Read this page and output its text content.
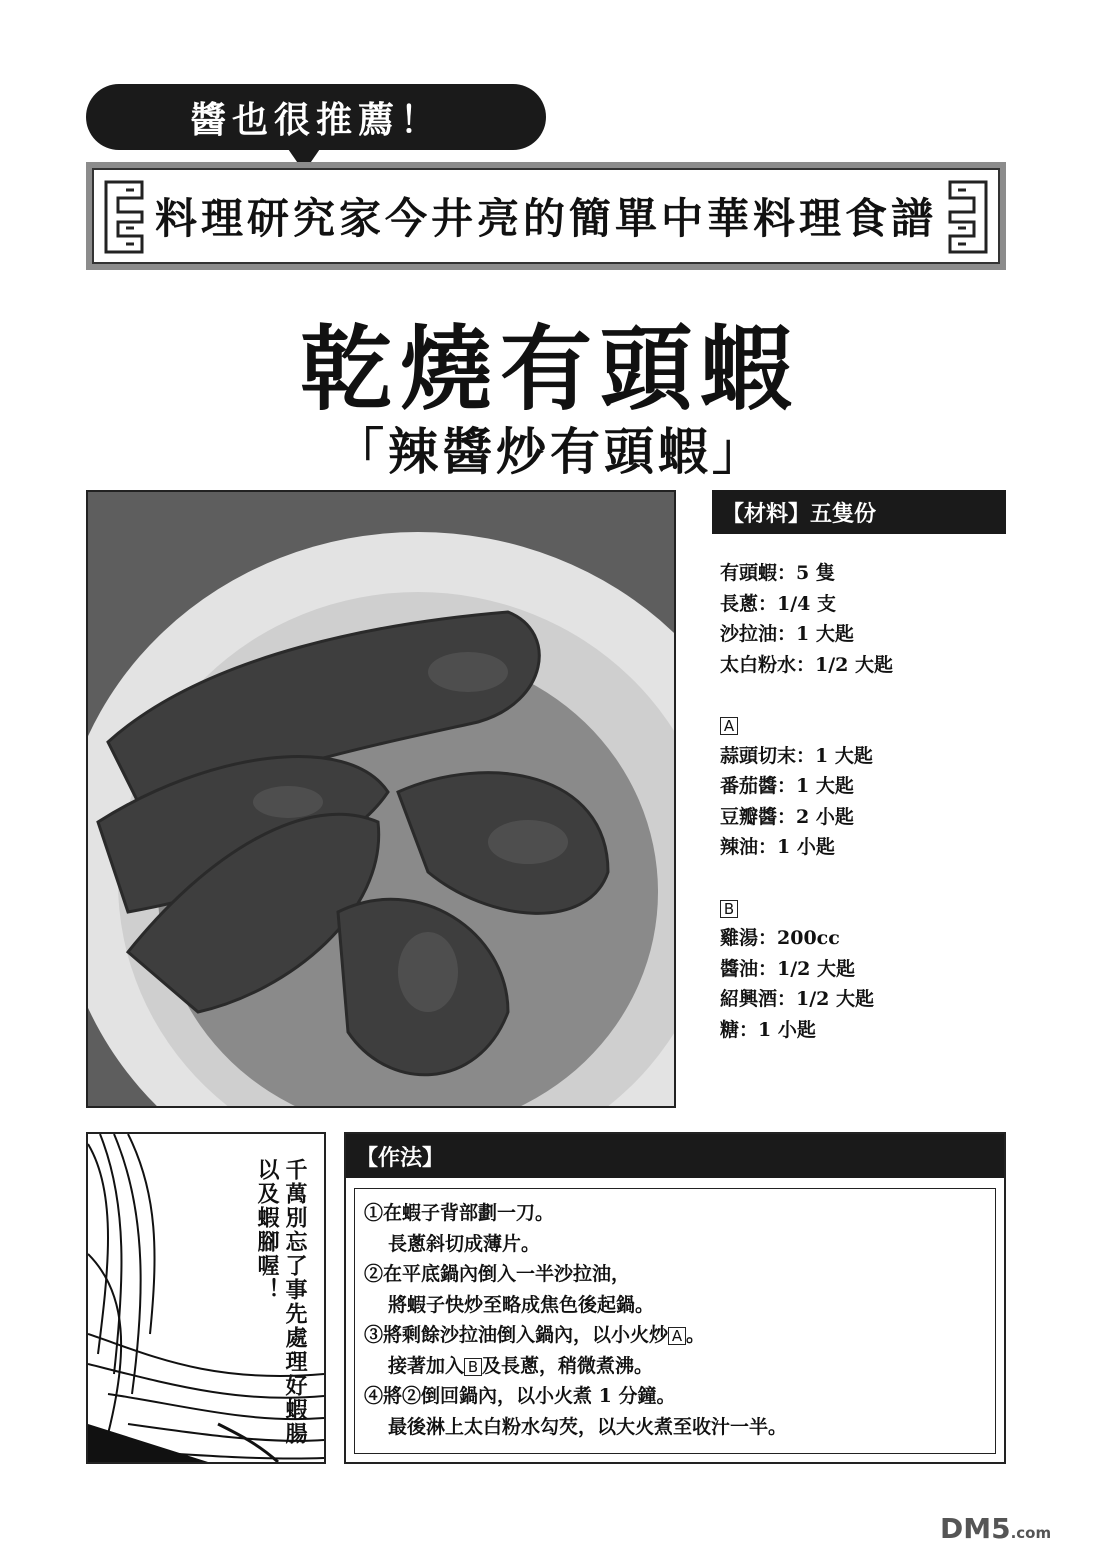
醬也很推薦！
料理研究家今井亮的簡單中華料理食譜
乾燒有頭蝦
「辣醬炒有頭蝦」
【材料】五隻份
有頭蝦：5 隻
長蔥：1/4 支
沙拉油：1 大匙
太白粉水：1/2 大匙
A
蒜頭切末：1 大匙
番茄醬：1 大匙
豆瓣醬：2 小匙
辣油：1 小匙
B
雞湯：200cc
醬油：1/2 大匙
紹興酒：1/2 大匙
糖：1 小匙
千萬別忘了事先處理好蝦腸以及蝦腳喔！	【作法】
①在蝦子背部劃一刀。
長蔥斜切成薄片。
②在平底鍋內倒入一半沙拉油，
將蝦子快炒至略成焦色後起鍋。
③將剩餘沙拉油倒入鍋內，以小火炒 A 。
接著加入 B 及長蔥，稍微煮沸。
④將②倒回鍋內，以小火煮 1 分鐘。
最後淋上太白粉水勾芡，以大火煮至收汁一半。
DM5.com
